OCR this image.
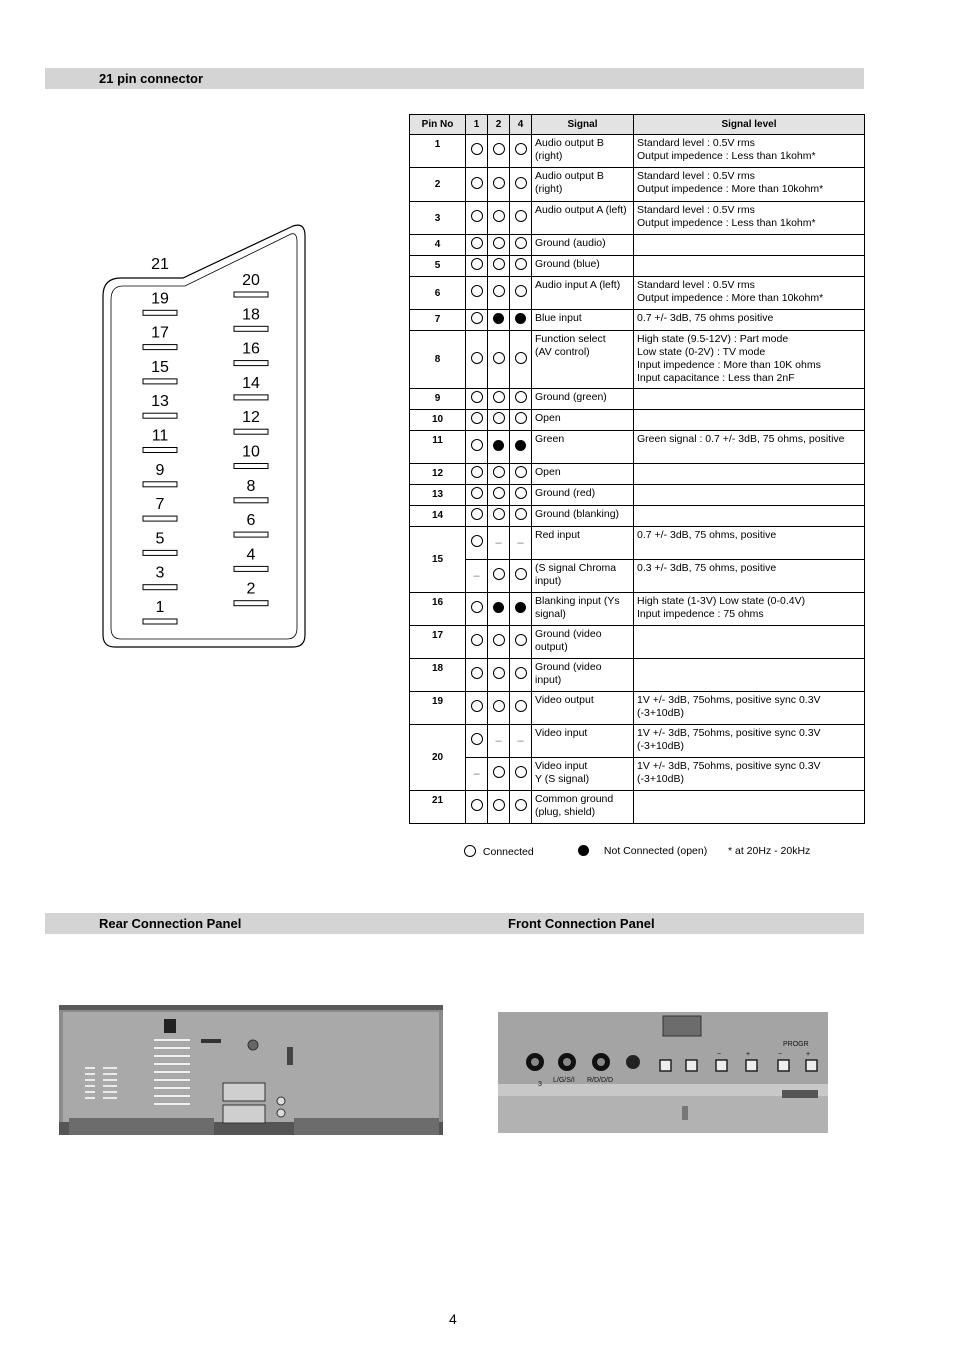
21 pin connector
21
19
17
15
13
11
9
7
5
3
1
20
18
16
14
12
10
8
6
4
2
Pin No	1	2	4	Signal	Signal level
1				Audio output B (right)	Standard level : 0.5V rms
Output impedence : Less than 1kohm*
2				Audio output B (right)	Standard level : 0.5V rms
Output impedence : More than 10kohm*
3				Audio output A (left)	Standard level : 0.5V rms
Output impedence : Less than 1kohm*
4				Ground (audio)	
5				Ground (blue)	
6				Audio input A (left)	Standard level : 0.5V rms
Output impedence : More than 10kohm*
7				Blue input	0.7 +/- 3dB, 75 ohms positive
8				Function select
(AV control)	High state (9.5-12V) : Part mode
Low state (0-2V) : TV mode
Input impedence : More than 10K ohms
Input capacitance : Less than 2nF
9				Ground (green)	
10				Open	
11				Green	Green signal : 0.7 +/- 3dB, 75 ohms, positive
12				Open	
13				Ground (red)	
14				Ground (blanking)	
15		–	–	Red input	0.7 +/- 3dB, 75 ohms, positive
	–			(S signal Chroma input)	0.3 +/- 3dB, 75 ohms, positive
16				Blanking input (Ys signal)	High state (1-3V) Low state (0-0.4V)
Input impedence : 75 ohms
17				Ground (video output)	
18				Ground (video input)	
19				Video output	1V +/- 3dB, 75ohms, positive sync 0.3V (-3+10dB)
20		–	–	Video input	1V +/- 3dB, 75ohms, positive sync 0.3V (-3+10dB)
	–			Video input
Y (S signal)	1V +/- 3dB, 75ohms, positive sync 0.3V (-3+10dB)
21				Common ground (plug, shield)	
Connected	Not Connected (open) * at 20Hz - 20kHz
Rear Connection Panel	Front Connection Panel
PROGR
3
L/G/S/I R/D/D/D
−	+	−	+
4
